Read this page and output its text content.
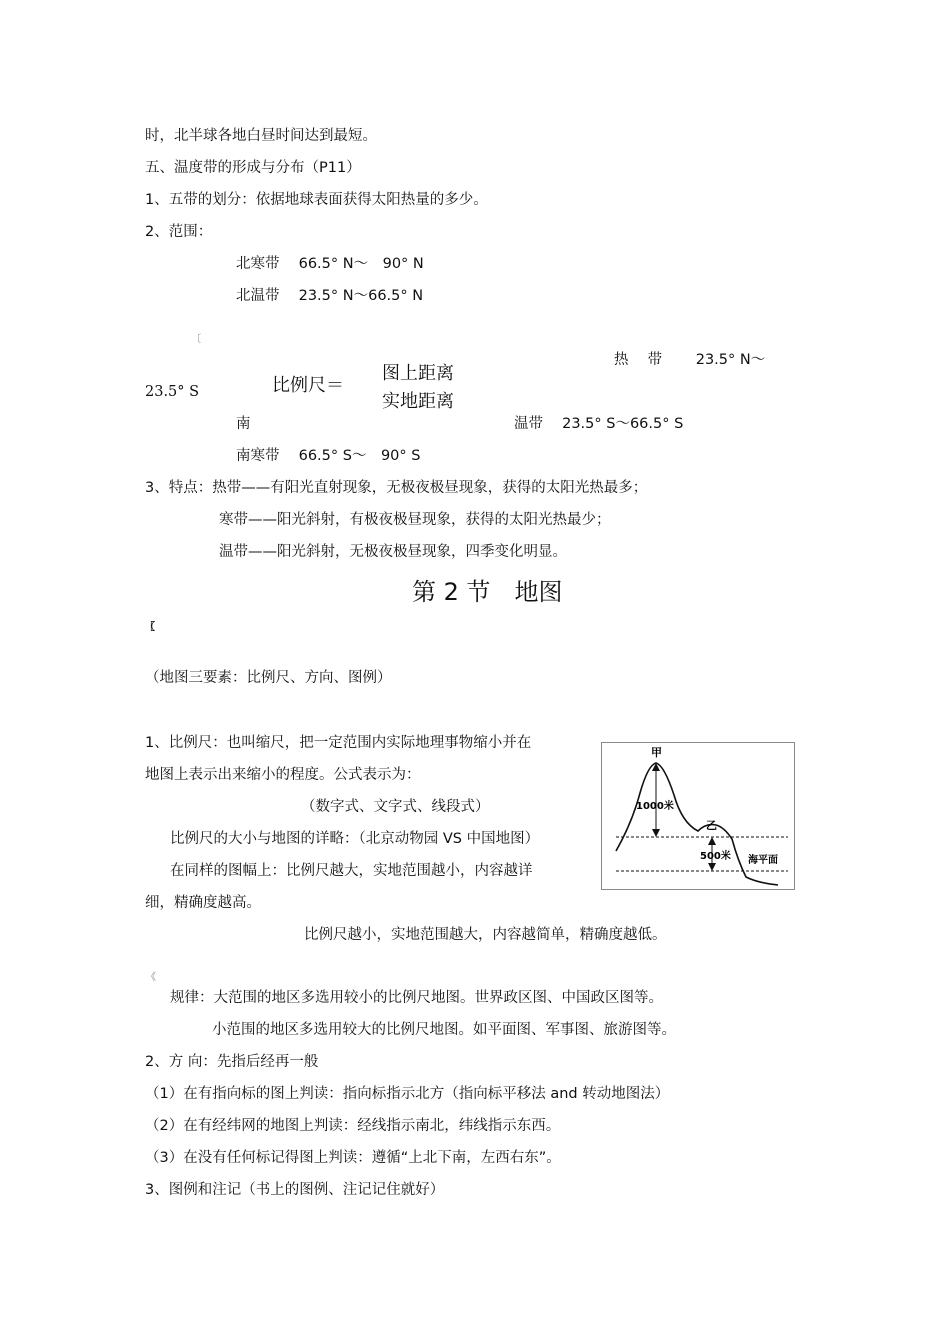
时，北半球各地白昼时间达到最短。
五、温度带的形成与分布（P11）
1、五带的划分：依据地球表面获得太阳热量的多少。
2、范围：
北寒带　 66.5° N～　90° N
北温带　 23.5° N～66.5° N
〔
热　 带　　 23.5° N～
23.5° S	比例尺＝
图上距离
实地距离
南	温带　 23.5° S～66.5° S
南寒带　 66.5° S～　90° S
3、特点：热带——有阳光直射现象，无极夜极昼现象，获得的太阳光热最多；
寒带——阳光斜射，有极夜极昼现象，获得的太阳光热最少；
温带——阳光斜射，无极夜极昼现象，四季变化明显。
第 2 节　地图
〖
（地图三要素：比例尺、方向、图例）
1、比例尺：也叫缩尺，把一定范围内实际地理事物缩小并在
地图上表示出来缩小的程度。公式表示为：
（数字式、文字式、线段式）
比例尺的大小与地图的详略：（北京动物园 VS 中国地图）
在同样的图幅上：比例尺越大，实地范围越小，内容越详
细，精确度越高。
比例尺越小，实地范围越大，内容越简单，精确度越低。
甲
乙
1000米
500米 海平面
《
规律：大范围的地区多选用较小的比例尺地图。世界政区图、中国政区图等。
小范围的地区多选用较大的比例尺地图。如平面图、军事图、旅游图等。
2、方 向：先指后经再一般
（1）在有指向标的图上判读：指向标指示北方（指向标平移法 and 转动地图法）
（2）在有经纬网的地图上判读：经线指示南北，纬线指示东西。
（3）在没有任何标记得图上判读：遵循“上北下南，左西右东”。
3、图例和注记（书上的图例、注记记住就好）
